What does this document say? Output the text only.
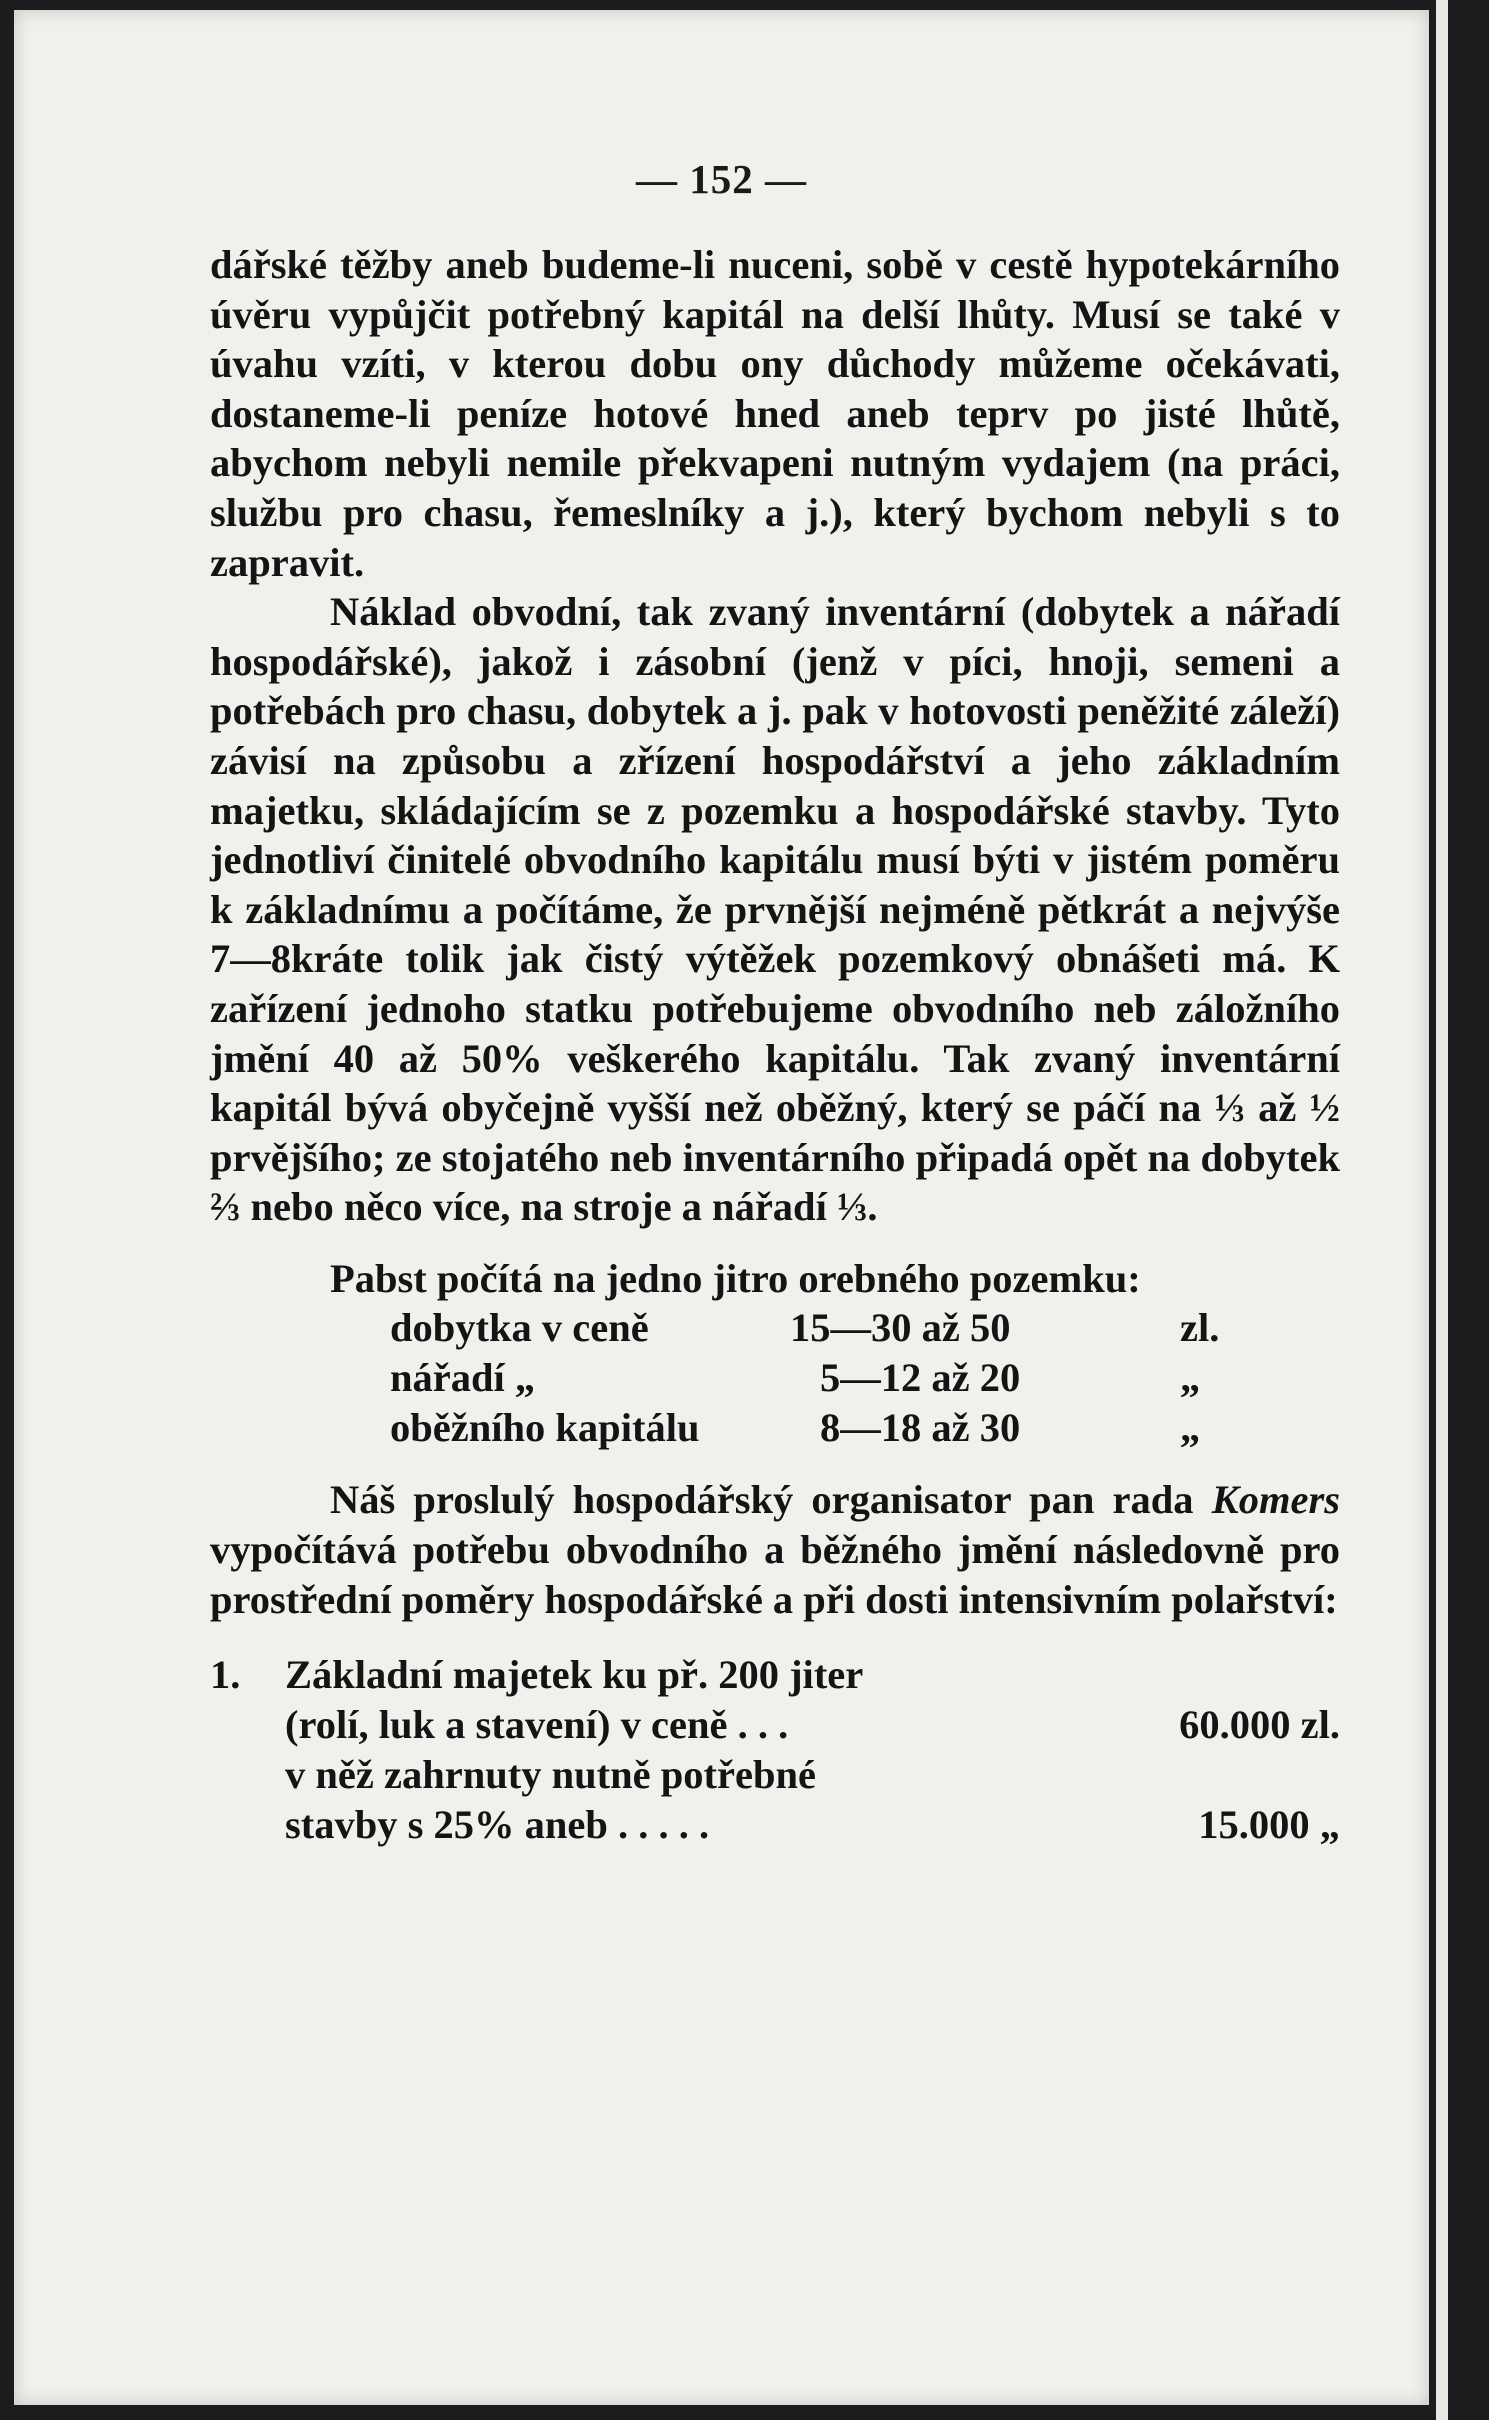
— 152 —

dářské těžby aneb budeme-li nuceni, sobě v cestě hypotekárního úvěru vypůjčit potřebný kapitál na delší lhůty. Musí se také v úvahu vzíti, v kterou dobu ony důchody můžeme očekávati, dostaneme-li peníze hotové hned aneb teprv po jisté lhůtě, abychom nebyli nemile překvapeni nutným vydajem (na práci, službu pro chasu, řemeslníky a j.), který bychom nebyli s to zapravit.

Náklad obvodní, tak zvaný inventární (dobytek a nářadí hospodářské), jakož i zásobní (jenž v píci, hnoji, semeni a potřebách pro chasu, dobytek a j. pak v hotovosti peněžité záleží) závisí na způsobu a zřízení hospodářství a jeho základním majetku, skládajícím se z pozemku a hospodářské stavby. Tyto jednotliví činitelé obvodního kapitálu musí býti v jistém poměru k základnímu a počítáme, že prvnější nejméně pětkrát a nejvýše 7—8kráte tolik jak čistý výtěžek pozemkový obnášeti má. K zařízení jednoho statku potřebujeme obvodního neb záložního jmění 40 až 50% veškerého kapitálu. Tak zvaný inventární kapitál bývá obyčejně vyšší než oběžný, který se páčí na ⅓ až ½ prvějšího; ze stojatého neb inventárního připadá opět na dobytek ⅔ nebo něco více, na stroje a nářadí ⅓.

Pabst počítá na jedno jitro orebného pozemku:

dobytka v ceně	15—30 až 50	zl.
nářadí „	5—12 až 20	„
oběžního kapitálu	8—18 až 30	„

Náš proslulý hospodářský organisator pan rada Komers vypočítává potřebu obvodního a běžného jmění následovně pro prostřední poměry hospodářské a při dosti intensivním polařství:

1.	Základní majetek ku př. 200 jiter
(rolí, luk a stavení) v ceně . . .	60.000 zl.
v něž zahrnuty nutně potřebné
stavby s 25% aneb . . . . .	15.000 „
